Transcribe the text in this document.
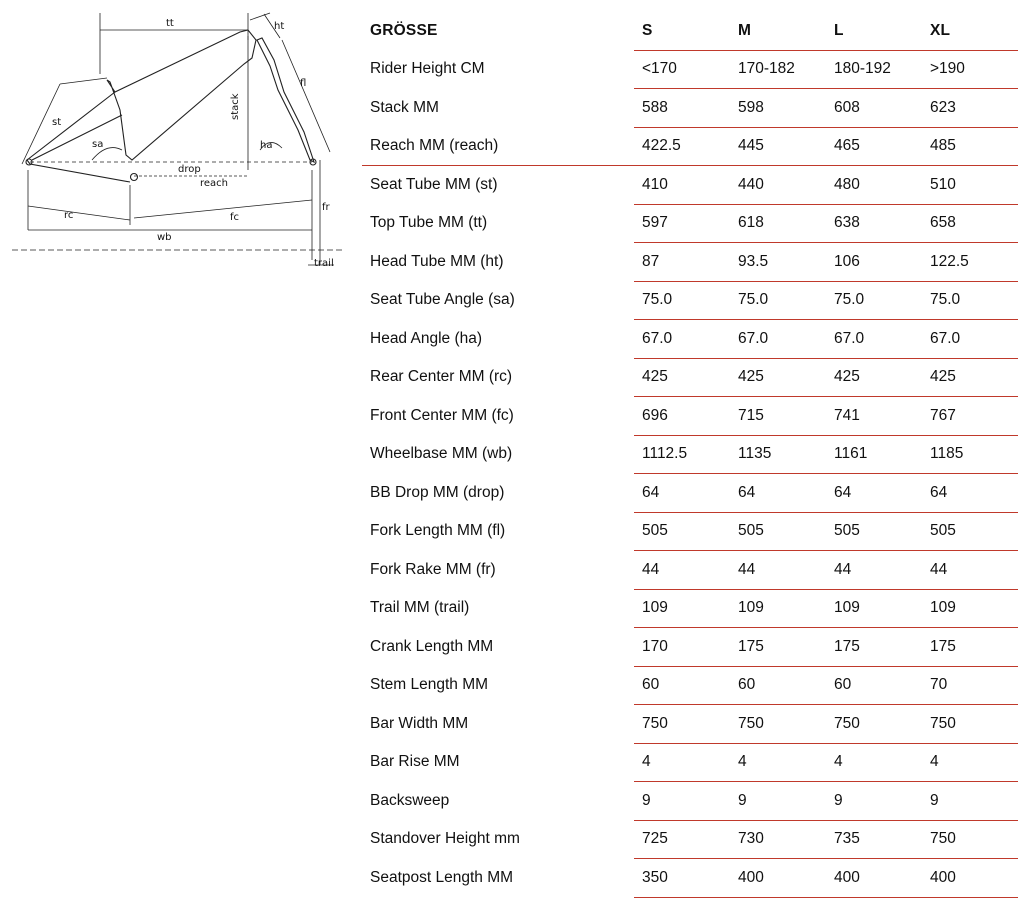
tt	ht
st
sa
stack
fl
ha
drop
reach
rc	fc
fr
wb
trail
GRÖSSE	S	M	L	XL
Rider Height CM	<170	170-182	180-192	>190
Stack MM	588	598	608	623
Reach MM (reach)	422.5	445	465	485
Seat Tube MM (st)	410	440	480	510
Top Tube MM (tt)	597	618	638	658
Head Tube MM (ht)	87	93.5	106	122.5
Seat Tube Angle (sa)	75.0	75.0	75.0	75.0
Head Angle (ha)	67.0	67.0	67.0	67.0
Rear Center MM (rc)	425	425	425	425
Front Center MM (fc)	696	715	741	767
Wheelbase MM (wb)	1112.5	1135	1161	1185
BB Drop MM (drop)	64	64	64	64
Fork Length MM (fl)	505	505	505	505
Fork Rake MM (fr)	44	44	44	44
Trail MM (trail)	109	109	109	109
Crank Length MM	170	175	175	175
Stem Length MM	60	60	60	70
Bar Width MM	750	750	750	750
Bar Rise MM	4	4	4	4
Backsweep	9	9	9	9
Standover Height mm	725	730	735	750
Seatpost Length MM	350	400	400	400
